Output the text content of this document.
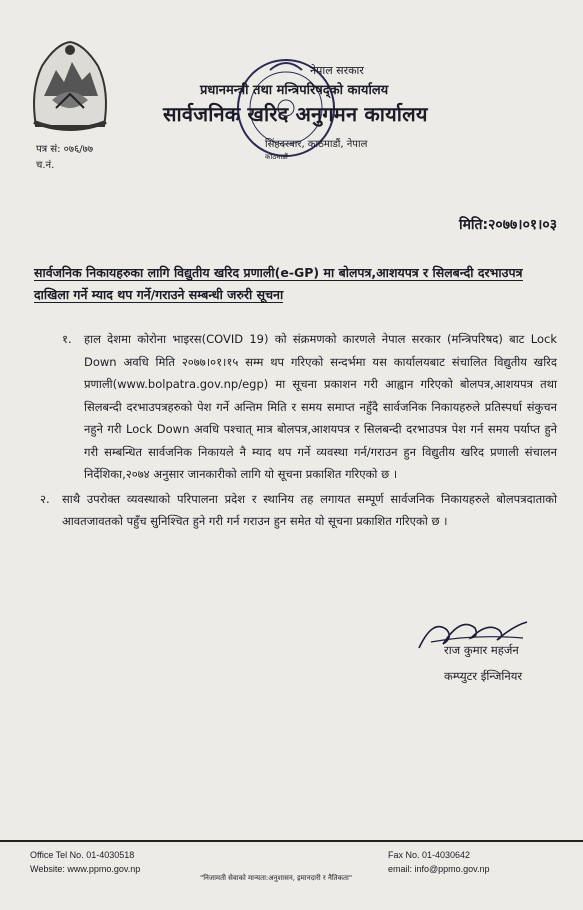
पत्र सं: ०७६/७७
च.नं.
नेपाल सरकार
प्रधानमन्त्री तथा मन्त्रिपरिषद्को कार्यालय
सार्वजनिक खरिद अनुगमन कार्यालय
सिंहदरबार, काठमाडौं, नेपाल
काठमाडौं
मिति:२०७७।०१।०३
सार्वजनिक निकायहरुका लागि विद्युतीय खरिद प्रणाली(e-GP) मा बोलपत्र,आशयपत्र र सिलबन्दी दरभाउपत्र दाखिला गर्ने म्याद थप गर्ने/गराउने सम्बन्धी जरुरी सूचना
१. हाल देशमा कोरोना भाइरस(COVID 19) को संक्रमणको कारणले नेपाल सरकार (मन्त्रिपरिषद) बाट Lock Down अवधि मिति २०७७।०१।१५ सम्म थप गरिएको सन्दर्भमा यस कार्यालयबाट संचालित विद्युतीय खरिद प्रणाली(www.bolpatra.gov.np/egp) मा सूचना प्रकाशन गरी आह्वान गरिएको बोलपत्र,आशयपत्र तथा सिलबन्दी दरभाउपत्रहरुको पेश गर्ने अन्तिम मिति र समय समाप्त नहुँदै सार्वजनिक निकायहरुले प्रतिस्पर्धा संकुचन नहुने गरी Lock Down अवधि पश्चात् मात्र बोलपत्र,आशयपत्र र सिलबन्दी दरभाउपत्र पेश गर्न समय पर्याप्त हुने गरी सम्बन्धित सार्वजनिक निकायले नै म्याद थप गर्ने व्यवस्था गर्न/गराउन हुन विद्युतीय खरिद प्रणाली संचालन निर्देशिका,२०७४ अनुसार जानकारीको लागि यो सूचना प्रकाशित गरिएको छ ।
२. साथै उपरोक्त व्यवस्थाको परिपालना प्रदेश र स्थानिय तह लगायत सम्पूर्ण सार्वजनिक निकायहरुले बोलपत्रदाताको आवतजावतको पहुँच सुनिश्चित हुने गरी गर्न गराउन हुन समेत यो सूचना प्रकाशित गरिएको छ ।
राज कुमार महर्जन
कम्प्युटर ईन्जिनियर
Office Tel No. 01-4030518
Website: www.ppmo.gov.np
Fax No. 01-4030642
email: info@ppmo.gov.np
"निजामती सेवाको मान्यता:अनुशासन, इमानदारी र नैतिकता"
